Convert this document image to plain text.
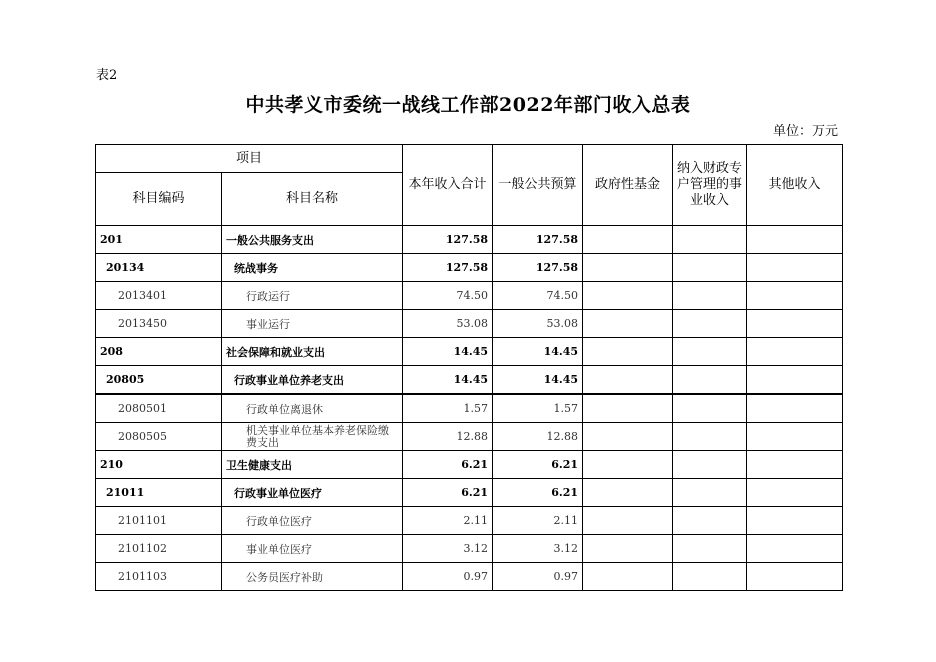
表2
中共孝义市委统一战线工作部2022年部门收入总表
单位：万元
项目		本年收入合计	一般公共预算	政府性基金	纳入财政专户管理的事业收入	其他收入
科目编码	科目名称					
201	一般公共服务支出	127.58	127.58			
20134	统战事务	127.58	127.58			
2013401	行政运行	74.50	74.50			
2013450	事业运行	53.08	53.08			
208	社会保障和就业支出	14.45	14.45			
20805	行政事业单位养老支出	14.45	14.45			
2080501	行政单位离退休	1.57	1.57			
2080505	机关事业单位基本养老保险缴费支出	12.88	12.88			
210	卫生健康支出	6.21	6.21			
21011	行政事业单位医疗	6.21	6.21			
2101101	行政单位医疗	2.11	2.11			
2101102	事业单位医疗	3.12	3.12			
2101103	公务员医疗补助	0.97	0.97			
